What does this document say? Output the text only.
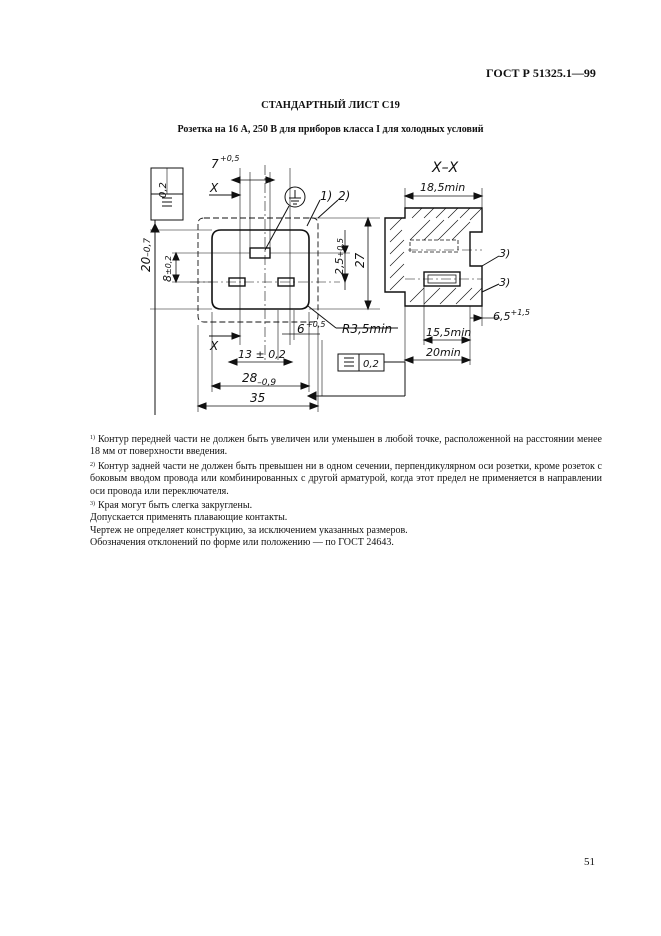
ГОСТ Р 51325.1—99
СТАНДАРТНЫЙ ЛИСТ С19
Розетка на 16 А, 250 В для приборов класса I для холодных условий
7 +0,5
X
X
1) 2)
0,2
20–0,7
8±0,2	2,5+0,5
27
6 +0,5 R3,5min
13 ± 0,2
$28_{-0,9}$
35
0,2
X–X
18,5min
3)
3)
$6,5^{+1,5}$
15,5min
20min

$^{1)}$ Контур передней части не должен быть увеличен или уменьшен в любой точке, расположенной на расстоянии менее 18 мм от поверхности введения.

$^{2)}$ Контур задней части не должен быть превышен ни в одном сечении, перпендикулярном оси розетки, кроме розеток с боковым вводом провода или комбинированных с другой арматурой, когда этот предел не применяется в направлении оси провода или переключателя.

$^{3)}$ Края могут быть слегка закруглены.

Допускается применять плавающие контакты.

Чертеж не определяет конструкцию, за исключением указанных размеров.

Обозначения отклонений по форме или положению — по ГОСТ 24643.

51
